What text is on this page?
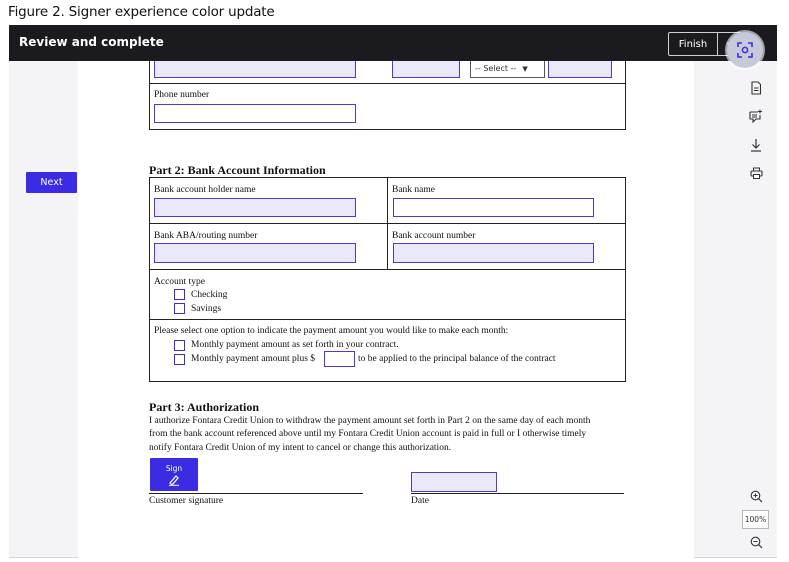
Figure 2. Signer experience color update
Review and complete	Finish
Next
-- Select -- ▼
Phone number
Part 2: Bank Account Information
Bank account holder name	Bank name
Bank ABA/routing number	Bank account number
Account type
Checking
Savings
Please select one option to indicate the payment amount you would like to make each month:
Monthly payment amount as set forth in your contract.
Monthly payment amount plus $	to be applied to the principal balance of the contract
Part 3: Authorization
I authorize Fontara Credit Union to withdraw the payment amount set forth in Part 2 on the same day of each month
from the bank account referenced above until my Fontara Credit Union account is paid in full or I otherwise timely
notify Fontara Credit Union of my intent to cancel or change this authorization.
Customer signature	Date
Sign
100%
